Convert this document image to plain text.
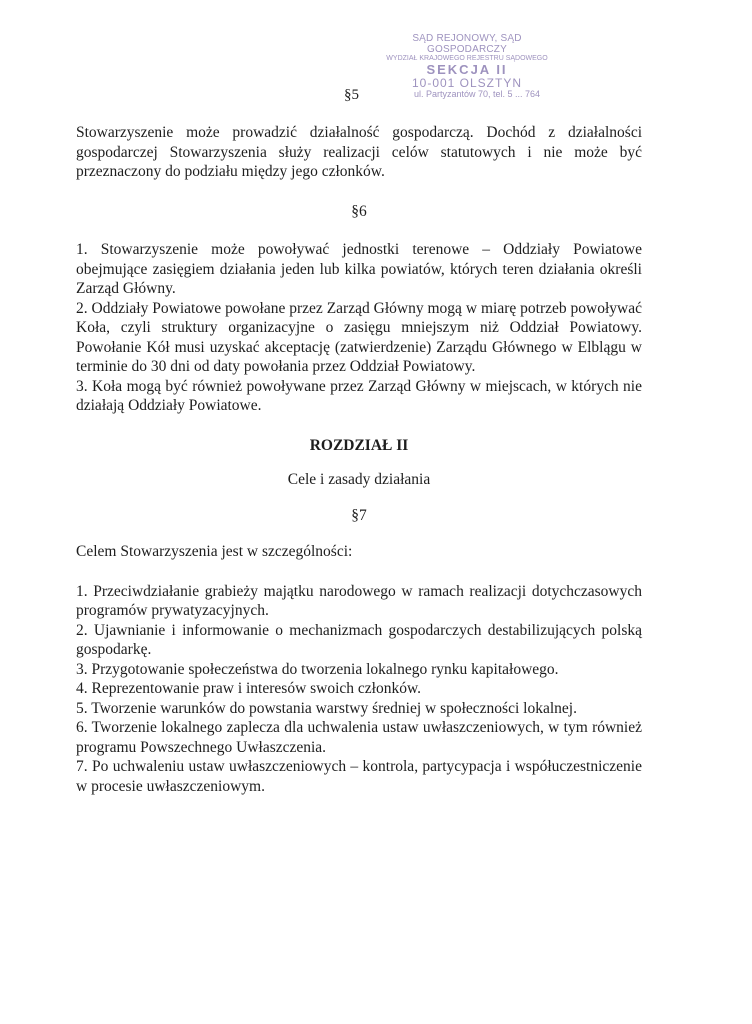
SĄD REJONOWY, SĄD GOSPODARCZY
WYDZIAŁ KRAJOWEGO REJESTRU SĄDOWEGO
SEKCJA II
10-001 OLSZTYN
ul. Partyzantów 70, tel. 5 ... 764
§5

Stowarzyszenie może prowadzić działalność gospodarczą. Dochód z działalności gospodarczej Stowarzyszenia służy realizacji celów statutowych i nie może być przeznaczony do podziału między jego członków.

§6

1. Stowarzyszenie może powoływać jednostki terenowe – Oddziały Powiatowe obejmujące zasięgiem działania jeden lub kilka powiatów, których teren działania określi Zarząd Główny.

2. Oddziały Powiatowe powołane przez Zarząd Główny mogą w miarę potrzeb powoływać Koła, czyli struktury organizacyjne o zasięgu mniejszym niż Oddział Powiatowy. Powołanie Kół musi uzyskać akceptację (zatwierdzenie) Zarządu Głównego w Elblągu w terminie do 30 dni od daty powołania przez Oddział Powiatowy.

3. Koła mogą być również powoływane przez Zarząd Główny w miejscach, w których nie działają Oddziały Powiatowe.

ROZDZIAŁ II

Cele i zasady działania

§7

Celem Stowarzyszenia jest w szczególności:

1. Przeciwdziałanie grabieży majątku narodowego w ramach realizacji dotychczasowych programów prywatyzacyjnych.

2. Ujawnianie i informowanie o mechanizmach gospodarczych destabilizujących polską gospodarkę.

3. Przygotowanie społeczeństwa do tworzenia lokalnego rynku kapitałowego.

4. Reprezentowanie praw i interesów swoich członków.

5. Tworzenie warunków do powstania warstwy średniej w społeczności lokalnej.

6. Tworzenie lokalnego zaplecza dla uchwalenia ustaw uwłaszczeniowych, w tym również programu Powszechnego Uwłaszczenia.

7. Po uchwaleniu ustaw uwłaszczeniowych – kontrola, partycypacja i współuczestniczenie w procesie uwłaszczeniowym.
